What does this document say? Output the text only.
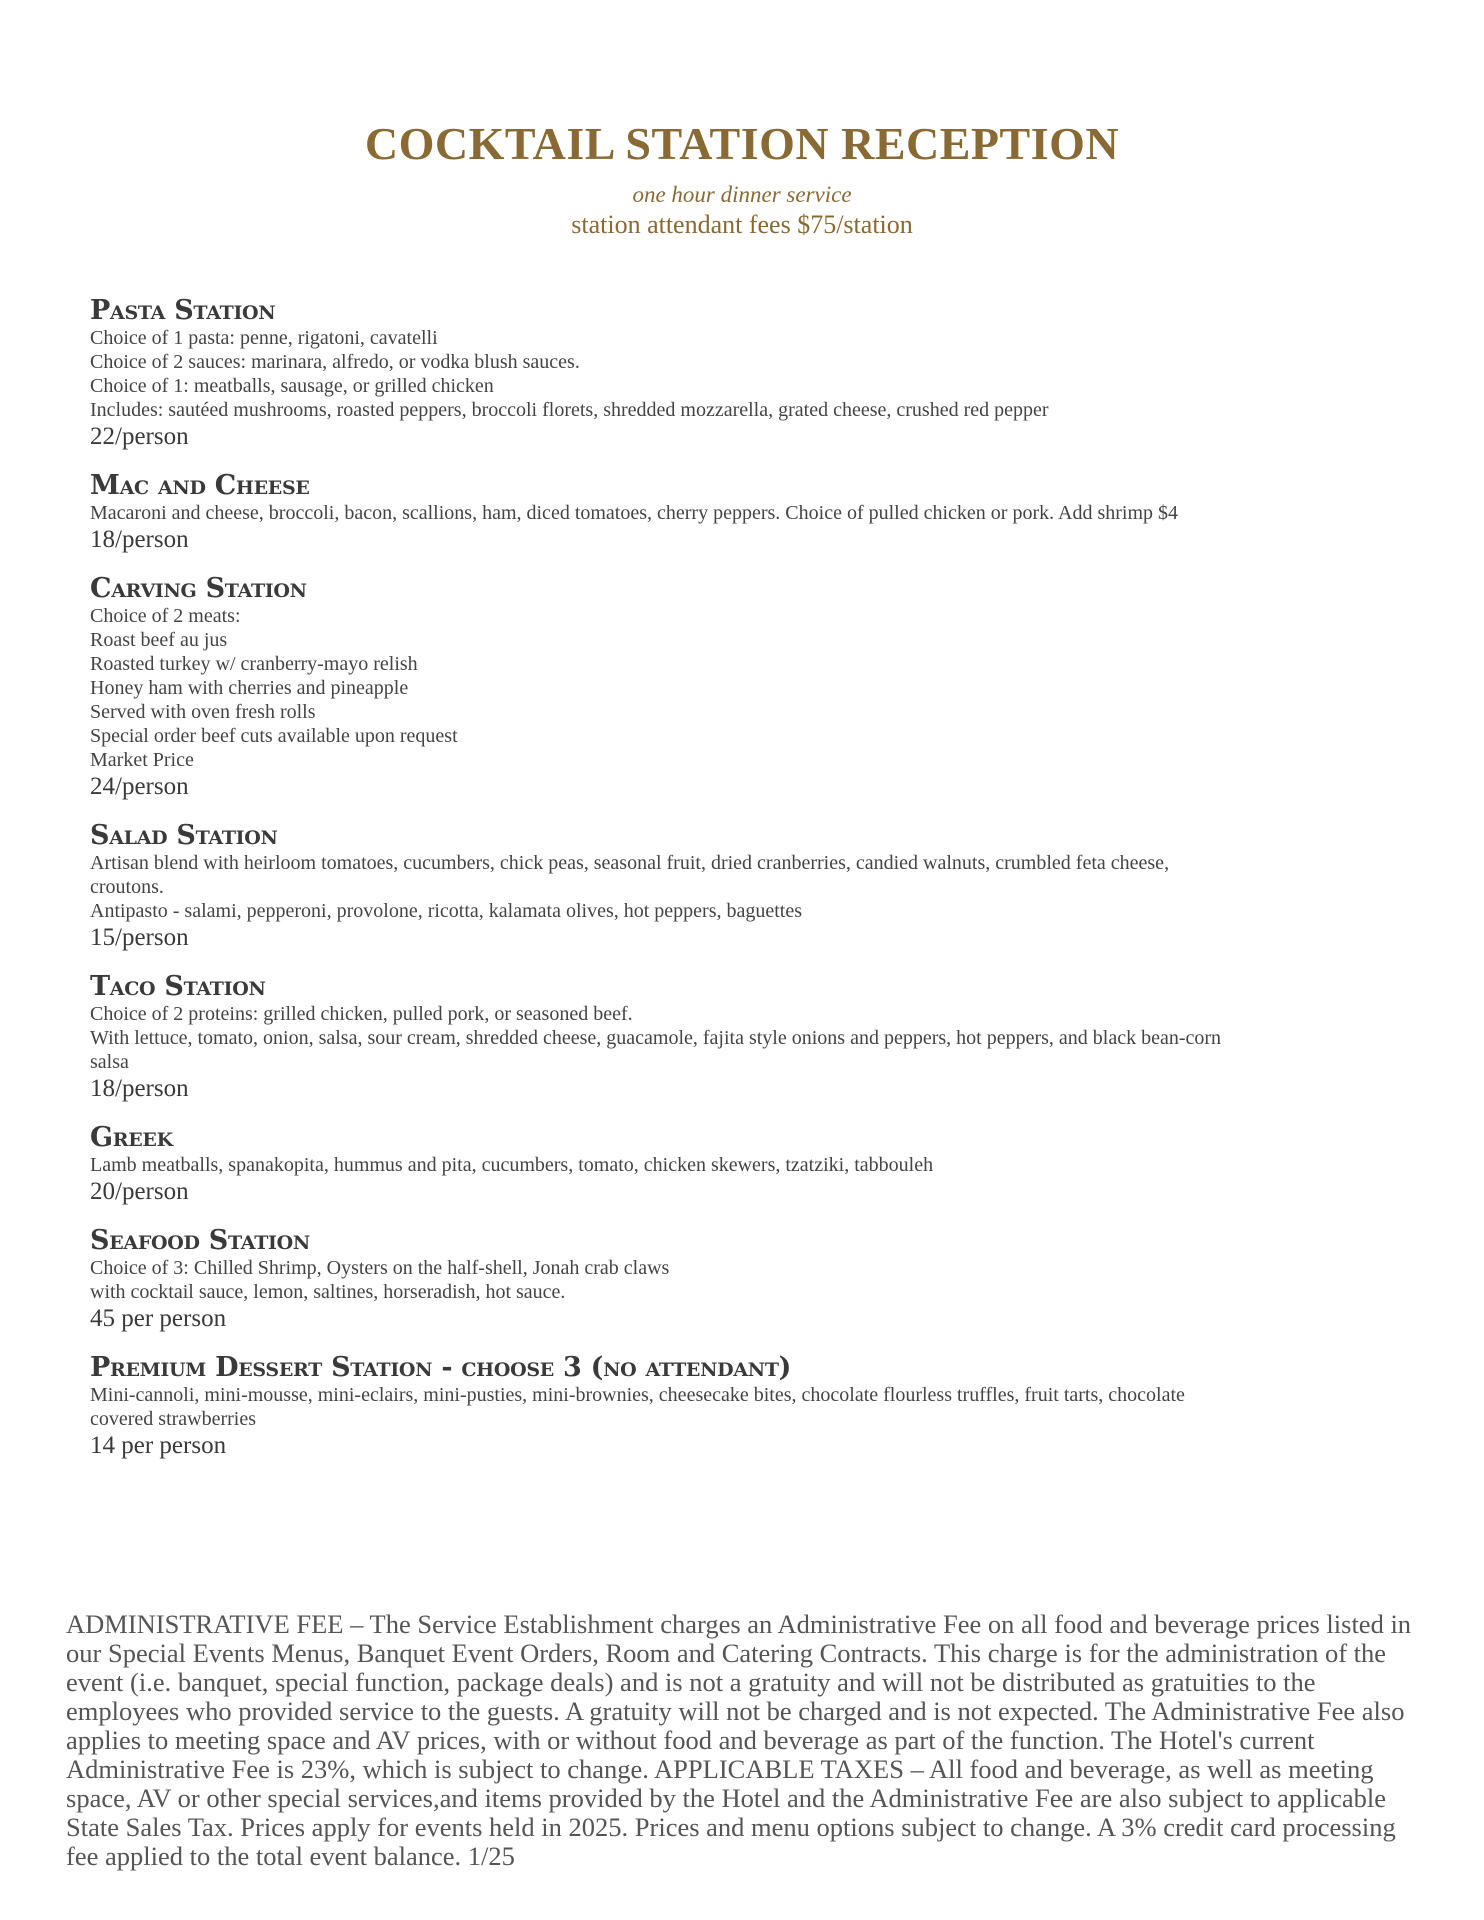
COCKTAIL STATION RECEPTION
one hour dinner service
station attendant fees $75/station
Pasta Station
Choice of 1 pasta: penne, rigatoni, cavatelli
Choice of 2 sauces: marinara, alfredo, or vodka blush sauces.
Choice of 1: meatballs, sausage, or grilled chicken
Includes: sautéed mushrooms, roasted peppers, broccoli florets, shredded mozzarella, grated cheese, crushed red pepper
22/person
Mac and Cheese
Macaroni and cheese, broccoli, bacon, scallions, ham, diced tomatoes, cherry peppers. Choice of pulled chicken or pork. Add shrimp $4
18/person
Carving Station
Choice of 2 meats:
Roast beef au jus
Roasted turkey w/ cranberry-mayo relish
Honey ham with cherries and pineapple
Served with oven fresh rolls
Special order beef cuts available upon request
Market Price
24/person
Salad Station
Artisan blend with heirloom tomatoes, cucumbers, chick peas, seasonal fruit, dried cranberries, candied walnuts, crumbled feta cheese,
croutons.
Antipasto - salami, pepperoni, provolone, ricotta, kalamata olives, hot peppers, baguettes
15/person
Taco Station
Choice of 2 proteins: grilled chicken, pulled pork, or seasoned beef.
With lettuce, tomato, onion, salsa, sour cream, shredded cheese, guacamole, fajita style onions and peppers, hot peppers, and black bean-corn
salsa
18/person
Greek
Lamb meatballs, spanakopita, hummus and pita, cucumbers, tomato, chicken skewers, tzatziki, tabbouleh
20/person
Seafood Station
Choice of 3: Chilled Shrimp, Oysters on the half-shell, Jonah crab claws
with cocktail sauce, lemon, saltines, horseradish, hot sauce.
45 per person
Premium Dessert Station - choose 3 (no attendant)
Mini-cannoli, mini-mousse, mini-eclairs, mini-pusties, mini-brownies, cheesecake bites, chocolate flourless truffles, fruit tarts, chocolate
covered strawberries
14 per person
ADMINISTRATIVE FEE – The Service Establishment charges an Administrative Fee on all food and beverage prices listed in our Special Events Menus, Banquet Event Orders, Room and Catering Contracts. This charge is for the administration of the event (i.e. banquet, special function, package deals) and is not a gratuity and will not be distributed as gratuities to the employees who provided service to the guests. A gratuity will not be charged and is not expected. The Administrative Fee also applies to meeting space and AV prices, with or without food and beverage as part of the function. The Hotel's current Administrative Fee is 23%, which is subject to change. APPLICABLE TAXES – All food and beverage, as well as meeting space, AV or other special services,and items provided by the Hotel and the Administrative Fee are also subject to applicable State Sales Tax. Prices apply for events held in 2025. Prices and menu options subject to change. A 3% credit card processing fee applied to the total event balance. 1/25
